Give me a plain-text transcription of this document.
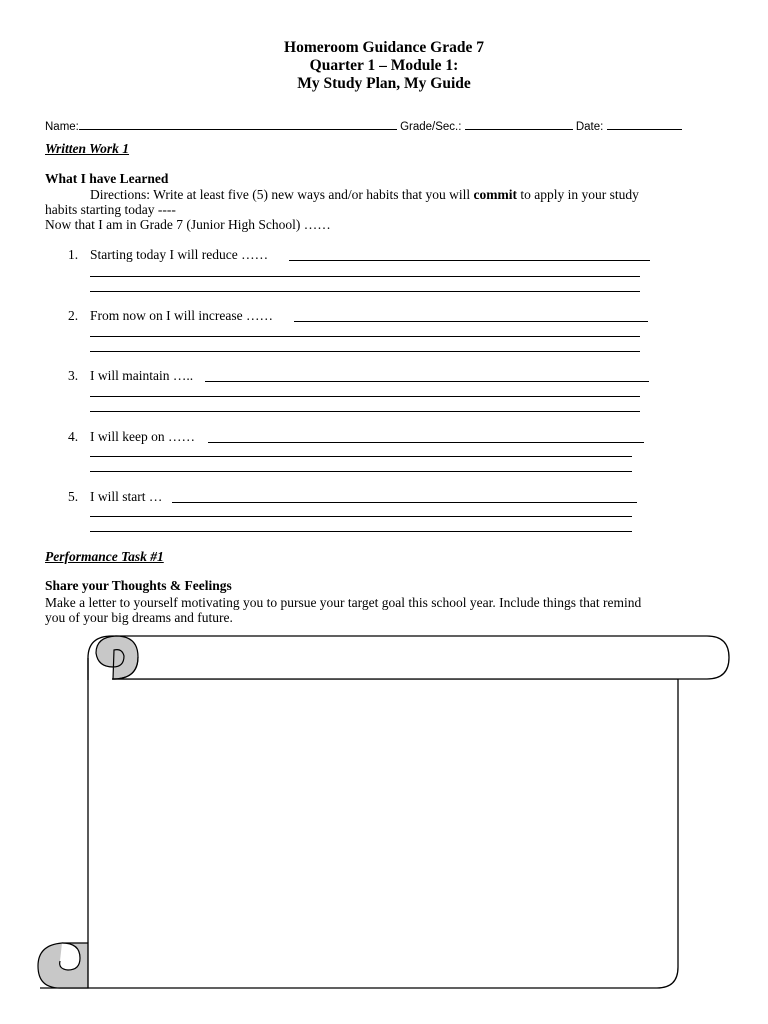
Homeroom Guidance Grade 7
Quarter 1 – Module 1:
My Study Plan, My Guide
Name:	Grade/Sec.:	Date:
Written Work 1
What I have Learned
Directions: Write at least five (5) new ways and/or habits that you will commit to apply in your study
habits starting today ----
Now that I am in Grade 7 (Junior High School) ……
1. Starting today I will reduce ……
2. From now on I will increase ……
3. I will maintain …..
4. I will keep on ……
5. I will start …
Performance Task #1
Share your Thoughts & Feelings
Make a letter to yourself motivating you to pursue your target goal this school year. Include things that remind
you of your big dreams and future.
